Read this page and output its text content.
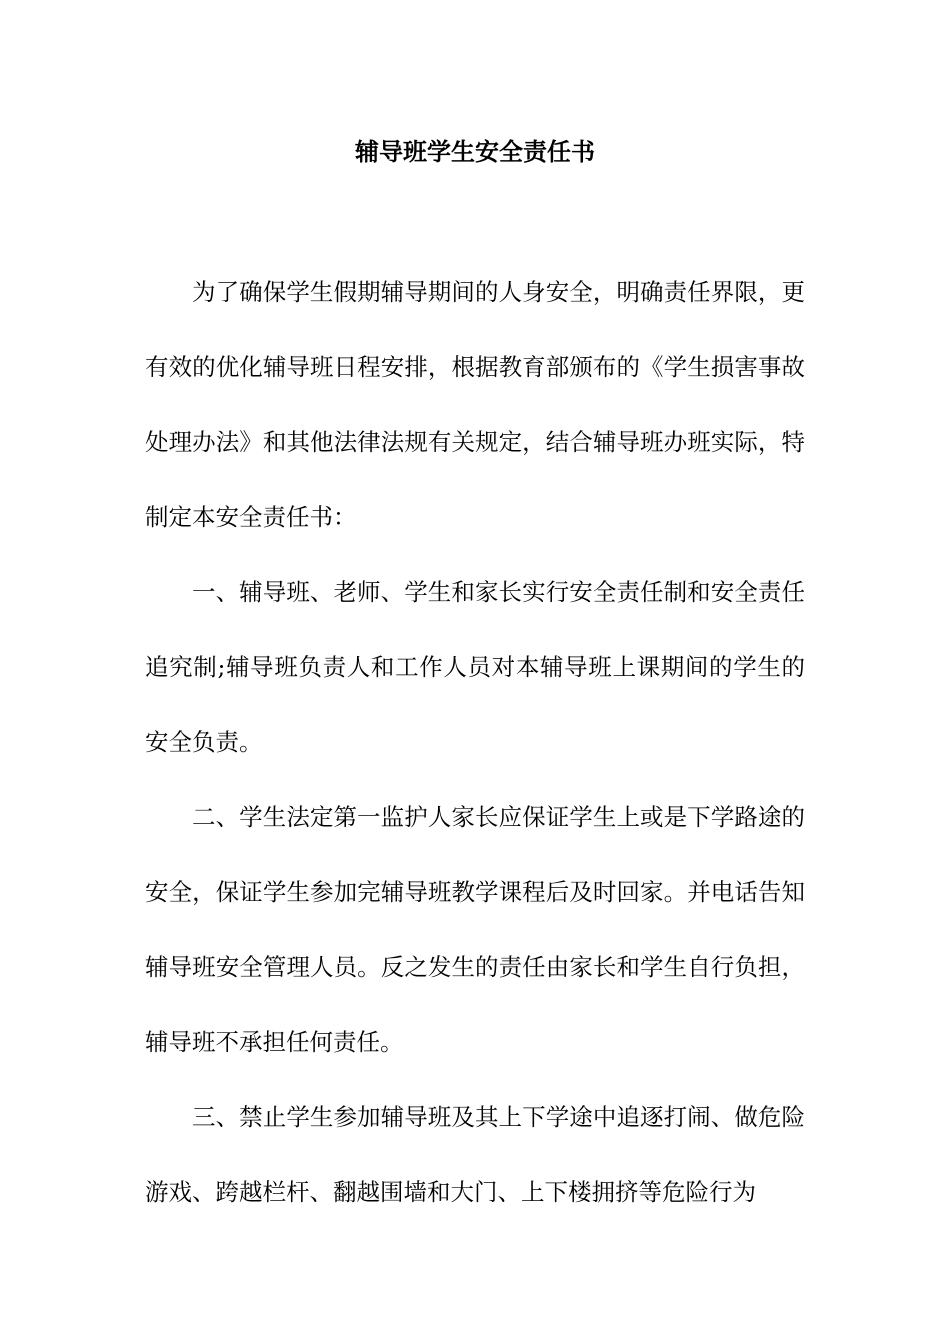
辅导班学生安全责任书

为了确保学生假期辅导期间的人身安全，明确责任界限，更有效的优化辅导班日程安排，根据教育部颁布的《学生损害事故处理办法》和其他法律法规有关规定，结合辅导班办班实际，特制定本安全责任书：

一、辅导班、老师、学生和家长实行安全责任制和安全责任追究制;辅导班负责人和工作人员对本辅导班上课期间的学生的安全负责。

二、学生法定第一监护人家长应保证学生上或是下学路途的安全，保证学生参加完辅导班教学课程后及时回家。并电话告知辅导班安全管理人员。反之发生的责任由家长和学生自行负担，辅导班不承担任何责任。

三、禁止学生参加辅导班及其上下学途中追逐打闹、做危险游戏、跨越栏杆、翻越围墙和大门、上下楼拥挤等危险行为
